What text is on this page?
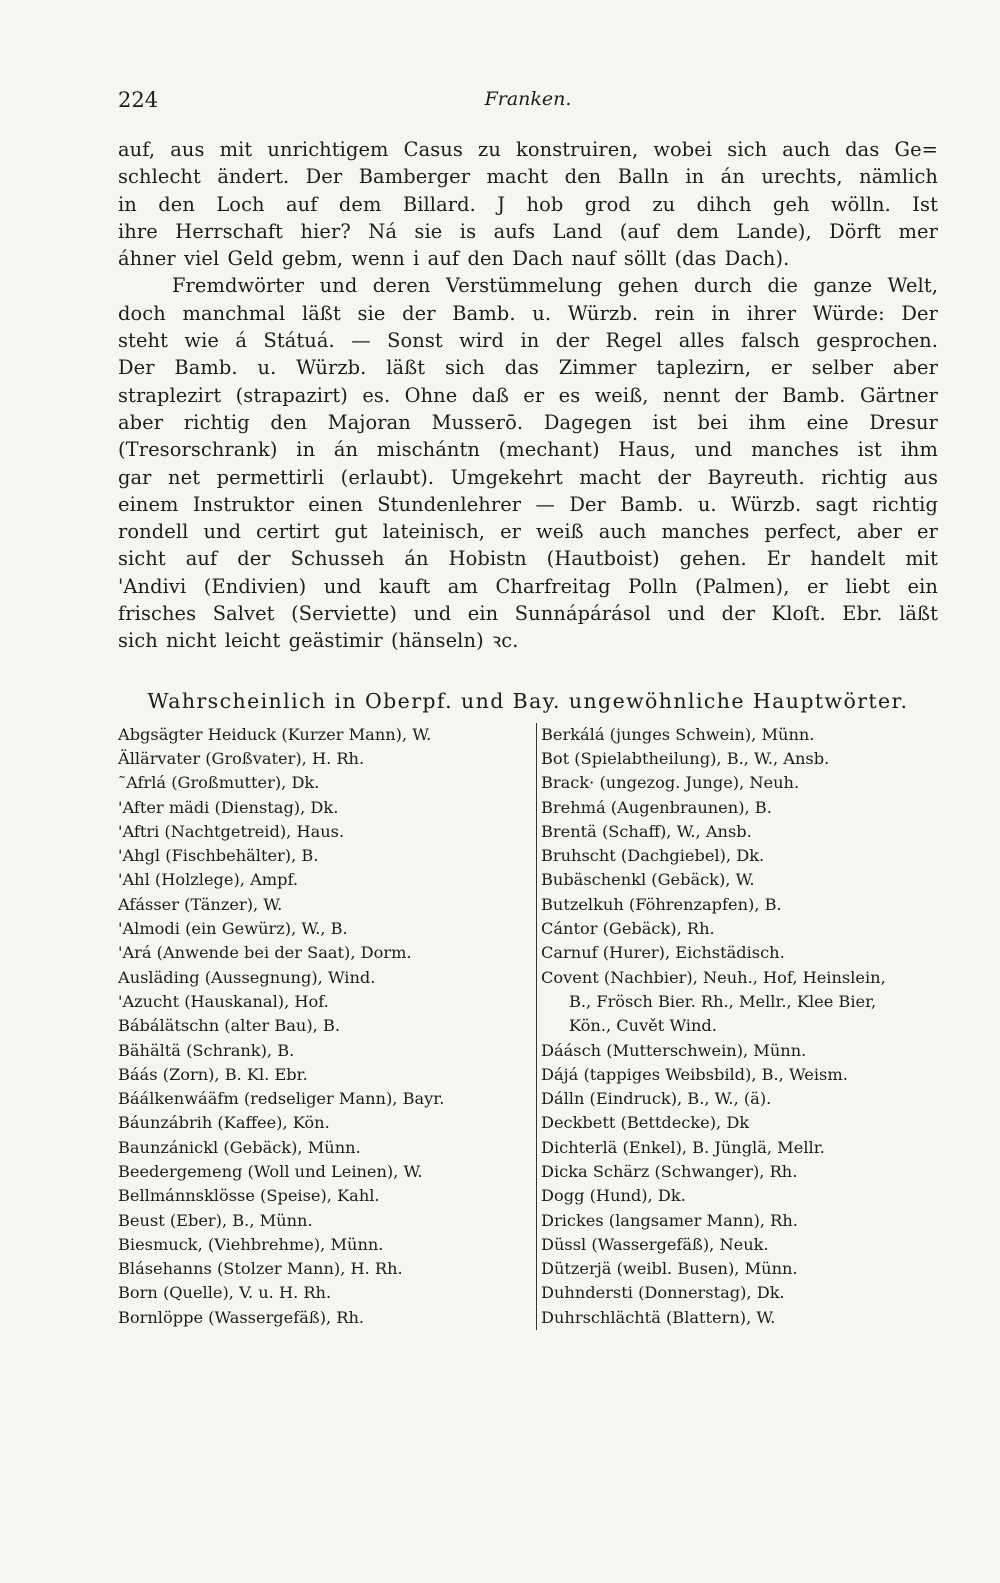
224	Franken.
auf, aus mit unrichtigem Casus zu konstruiren, wobei sich auch das Ge=
schlecht ändert. Der Bamberger macht den Balln in án urechts, nämlich
in den Loch auf dem Billard. J hob grod zu dihch geh wölln. Ist
ihre Herrschaft hier? Ná sie is aufs Land (auf dem Lande), Dörft mer
áhner viel Geld gebm, wenn i auf den Dach nauf söllt (das Dach).
Fremdwörter und deren Verstümmelung gehen durch die ganze Welt,
doch manchmal läßt sie der Bamb. u. Würzb. rein in ihrer Würde: Der
steht wie á Státuá. — Sonst wird in der Regel alles falsch gesprochen.
Der Bamb. u. Würzb. läßt sich das Zimmer taplezirn, er selber aber
straplezirt (strapazirt) es. Ohne daß er es weiß, nennt der Bamb. Gärtner
aber richtig den Majoran Musserō. Dagegen ist bei ihm eine Dresur
(Tresorschrank) in án mischántn (mechant) Haus, und manches ist ihm
gar net permettirli (erlaubt). Umgekehrt macht der Bayreuth. richtig aus
einem Instruktor einen Stundenlehrer — Der Bamb. u. Würzb. sagt richtig
rondell und certirt gut lateinisch, er weiß auch manches perfect, aber er
sicht auf der Schusseh án Hobistn (Hautboist) gehen. Er handelt mit
'Andivi (Endivien) und kauft am Charfreitag Polln (Palmen), er liebt ein
frisches Salvet (Serviette) und ein Sunnápárásol und der Kloſt. Ebr. läßt
sich nicht leicht geästimir (hänseln) ꝛc.
Wahrscheinlich in Oberpf. und Bay. ungewöhnliche Hauptwörter.
Abgsägter Heiduck (Kurzer Mann), W.
Ällärvater (Großvater), H. Rh.
˜Afrlá (Großmutter), Dk.
'After mädi (Dienstag), Dk.
'Aftri (Nachtgetreid), Haus.
'Ahgl (Fischbehälter), B.
'Ahl (Holzlege), Ampf.
Afásser (Tänzer), W.
'Almodi (ein Gewürz), W., B.
'Ará (Anwende bei der Saat), Dorm.
Ausläding (Aussegnung), Wind.
'Azucht (Hauskanal), Hof.
Bábálätschn (alter Bau), B.
Bähältä (Schrank), B.
Báás (Zorn), B. Kl. Ebr.
Báálkenwáäfm (redseliger Mann), Bayr.
Báunzábrih (Kaffee), Kön.
Baunzánickl (Gebäck), Münn.
Beedergemeng (Woll und Leinen), W.
Bellmánnsklösse (Speise), Kahl.
Beust (Eber), B., Münn.
Biesmuck, (Viehbrehme), Münn.
Blásehanns (Stolzer Mann), H. Rh.
Born (Quelle), V. u. H. Rh.
Bornlöppe (Wassergefäß), Rh.
Berkálá (junges Schwein), Münn.
Bot (Spielabtheilung), B., W., Ansb.
Brack· (ungezog. Junge), Neuh.
Brehmá (Augenbraunen), B.
Brentä (Schaff), W., Ansb.
Bruhscht (Dachgiebel), Dk.
Bubäschenkl (Gebäck), W.
Butzelkuh (Föhrenzapfen), B.
Cántor (Gebäck), Rh.
Carnuf (Hurer), Eichstädisch.
Covent (Nachbier), Neuh., Hof, Heinslein,
B., Frösch Bier. Rh., Mellr., Klee Bier,
Kön., Cuvět Wind.
Dáásch (Mutterschwein), Münn.
Dájá (tappiges Weibsbild), B., Weism.
Dálln (Eindruck), B., W., (ä).
Deckbett (Bettdecke), Dk
Dichterlä (Enkel), B. Jünglä, Mellr.
Dicka Schärz (Schwanger), Rh.
Dogg (Hund), Dk.
Drickes (langsamer Mann), Rh.
Düssl (Wassergefäß), Neuk.
Dützerjä (weibl. Busen), Münn.
Duhndersti (Donnerstag), Dk.
Duhrschlächtä (Blattern), W.
